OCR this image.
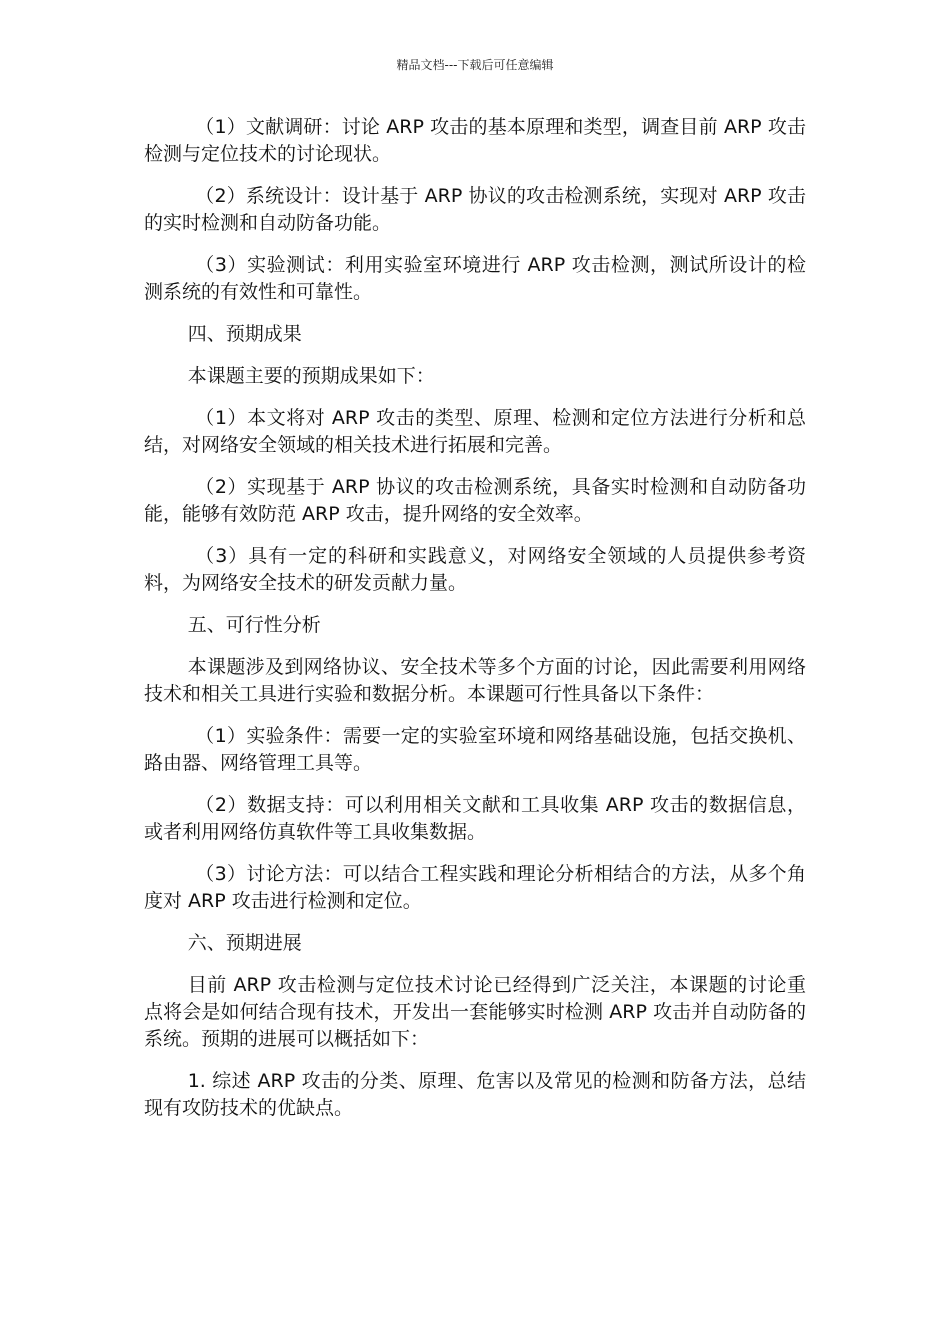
精品文档---下载后可任意编辑

（1）文献调研：讨论 ARP 攻击的基本原理和类型，调查目前 ARP 攻击检测与定位技术的讨论现状。

（2）系统设计：设计基于 ARP 协议的攻击检测系统，实现对 ARP 攻击的实时检测和自动防备功能。

（3）实验测试：利用实验室环境进行 ARP 攻击检测，测试所设计的检测系统的有效性和可靠性。

四、预期成果

本课题主要的预期成果如下：

（1）本文将对 ARP 攻击的类型、原理、检测和定位方法进行分析和总结，对网络安全领域的相关技术进行拓展和完善。

（2）实现基于 ARP 协议的攻击检测系统，具备实时检测和自动防备功能，能够有效防范 ARP 攻击，提升网络的安全效率。

（3）具有一定的科研和实践意义，对网络安全领域的人员提供参考资料，为网络安全技术的研发贡献力量。

五、可行性分析

本课题涉及到网络协议、安全技术等多个方面的讨论，因此需要利用网络技术和相关工具进行实验和数据分析。本课题可行性具备以下条件：

（1）实验条件：需要一定的实验室环境和网络基础设施，包括交换机、路由器、网络管理工具等。

（2）数据支持：可以利用相关文献和工具收集 ARP 攻击的数据信息，或者利用网络仿真软件等工具收集数据。

（3）讨论方法：可以结合工程实践和理论分析相结合的方法，从多个角度对 ARP 攻击进行检测和定位。

六、预期进展

目前 ARP 攻击检测与定位技术讨论已经得到广泛关注，本课题的讨论重点将会是如何结合现有技术，开发出一套能够实时检测 ARP 攻击并自动防备的系统。预期的进展可以概括如下：

1. 综述 ARP 攻击的分类、原理、危害以及常见的检测和防备方法，总结现有攻防技术的优缺点。
